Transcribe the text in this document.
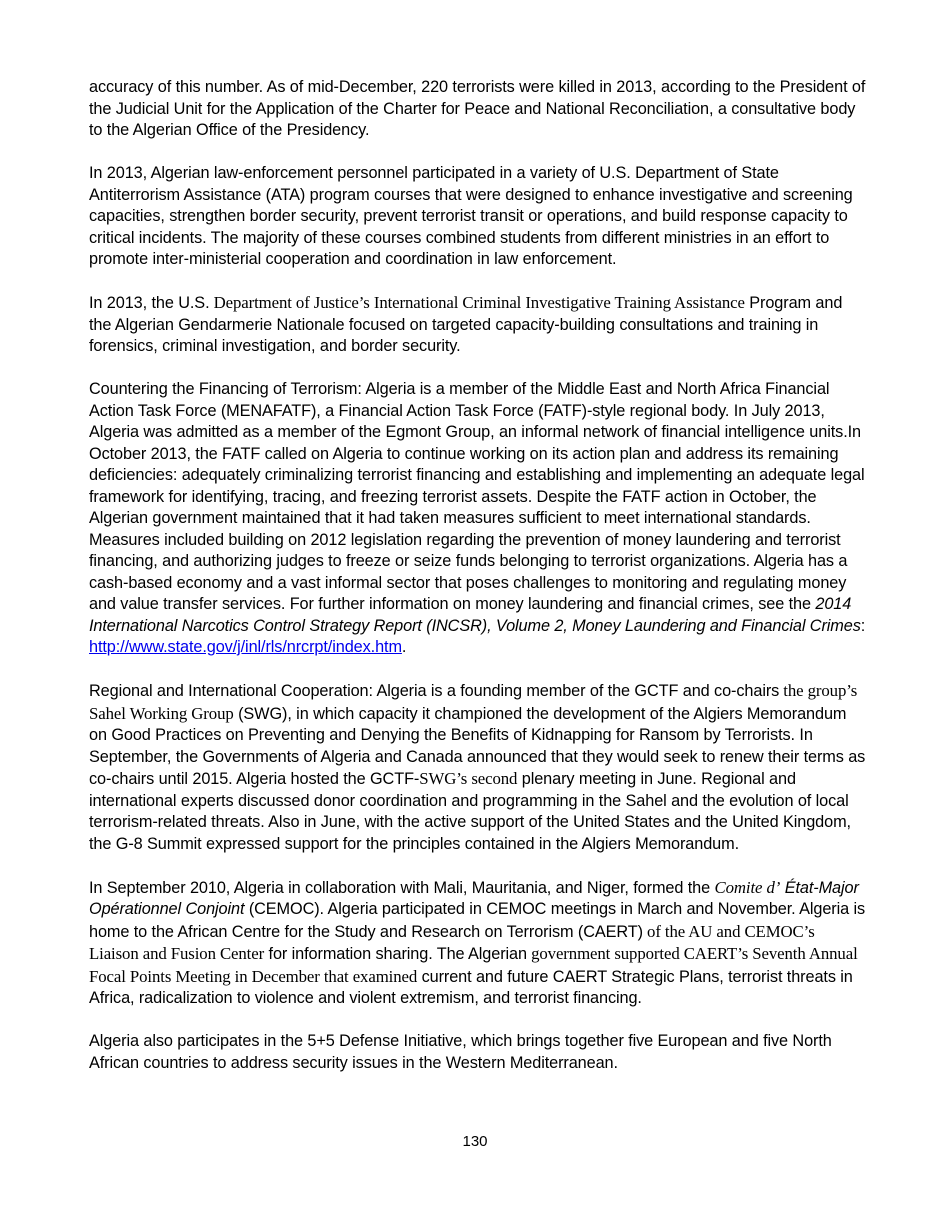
accuracy of this number. As of mid-December, 220 terrorists were killed in 2013, according to the President of the Judicial Unit for the Application of the Charter for Peace and National Reconciliation, a consultative body to the Algerian Office of the Presidency.

In 2013, Algerian law-enforcement personnel participated in a variety of U.S. Department of State Antiterrorism Assistance (ATA) program courses that were designed to enhance investigative and screening capacities, strengthen border security, prevent terrorist transit or operations, and build response capacity to critical incidents. The majority of these courses combined students from different ministries in an effort to promote inter-ministerial cooperation and coordination in law enforcement.

In 2013, the U.S. Department of Justice’s International Criminal Investigative Training Assistance Program and the Algerian Gendarmerie Nationale focused on targeted capacity-building consultations and training in forensics, criminal investigation, and border security.

Countering the Financing of Terrorism: Algeria is a member of the Middle East and North Africa Financial Action Task Force (MENAFATF), a Financial Action Task Force (FATF)-style regional body. In July 2013, Algeria was admitted as a member of the Egmont Group, an informal network of financial intelligence units.In October 2013, the FATF called on Algeria to continue working on its action plan and address its remaining deficiencies: adequately criminalizing terrorist financing and establishing and implementing an adequate legal framework for identifying, tracing, and freezing terrorist assets. Despite the FATF action in October, the Algerian government maintained that it had taken measures sufficient to meet international standards. Measures included building on 2012 legislation regarding the prevention of money laundering and terrorist financing, and authorizing judges to freeze or seize funds belonging to terrorist organizations. Algeria has a cash-based economy and a vast informal sector that poses challenges to monitoring and regulating money and value transfer services. For further information on money laundering and financial crimes, see the 2014 International Narcotics Control Strategy Report (INCSR), Volume 2, Money Laundering and Financial Crimes: http://www.state.gov/j/inl/rls/nrcrpt/index.htm.

Regional and International Cooperation: Algeria is a founding member of the GCTF and co-chairs the group’s Sahel Working Group (SWG), in which capacity it championed the development of the Algiers Memorandum on Good Practices on Preventing and Denying the Benefits of Kidnapping for Ransom by Terrorists. In September, the Governments of Algeria and Canada announced that they would seek to renew their terms as co-chairs until 2015. Algeria hosted the GCTF-SWG’s second plenary meeting in June. Regional and international experts discussed donor coordination and programming in the Sahel and the evolution of local terrorism-related threats. Also in June, with the active support of the United States and the United Kingdom, the G-8 Summit expressed support for the principles contained in the Algiers Memorandum.

In September 2010, Algeria in collaboration with Mali, Mauritania, and Niger, formed the Comite d’ État-Major Opérationnel Conjoint (CEMOC). Algeria participated in CEMOC meetings in March and November. Algeria is home to the African Centre for the Study and Research on Terrorism (CAERT) of the AU and CEMOC’s Liaison and Fusion Center for information sharing. The Algerian government supported CAERT’s Seventh Annual Focal Points Meeting in December that examined current and future CAERT Strategic Plans, terrorist threats in Africa, radicalization to violence and violent extremism, and terrorist financing.

Algeria also participates in the 5+5 Defense Initiative, which brings together five European and five North African countries to address security issues in the Western Mediterranean.

130
